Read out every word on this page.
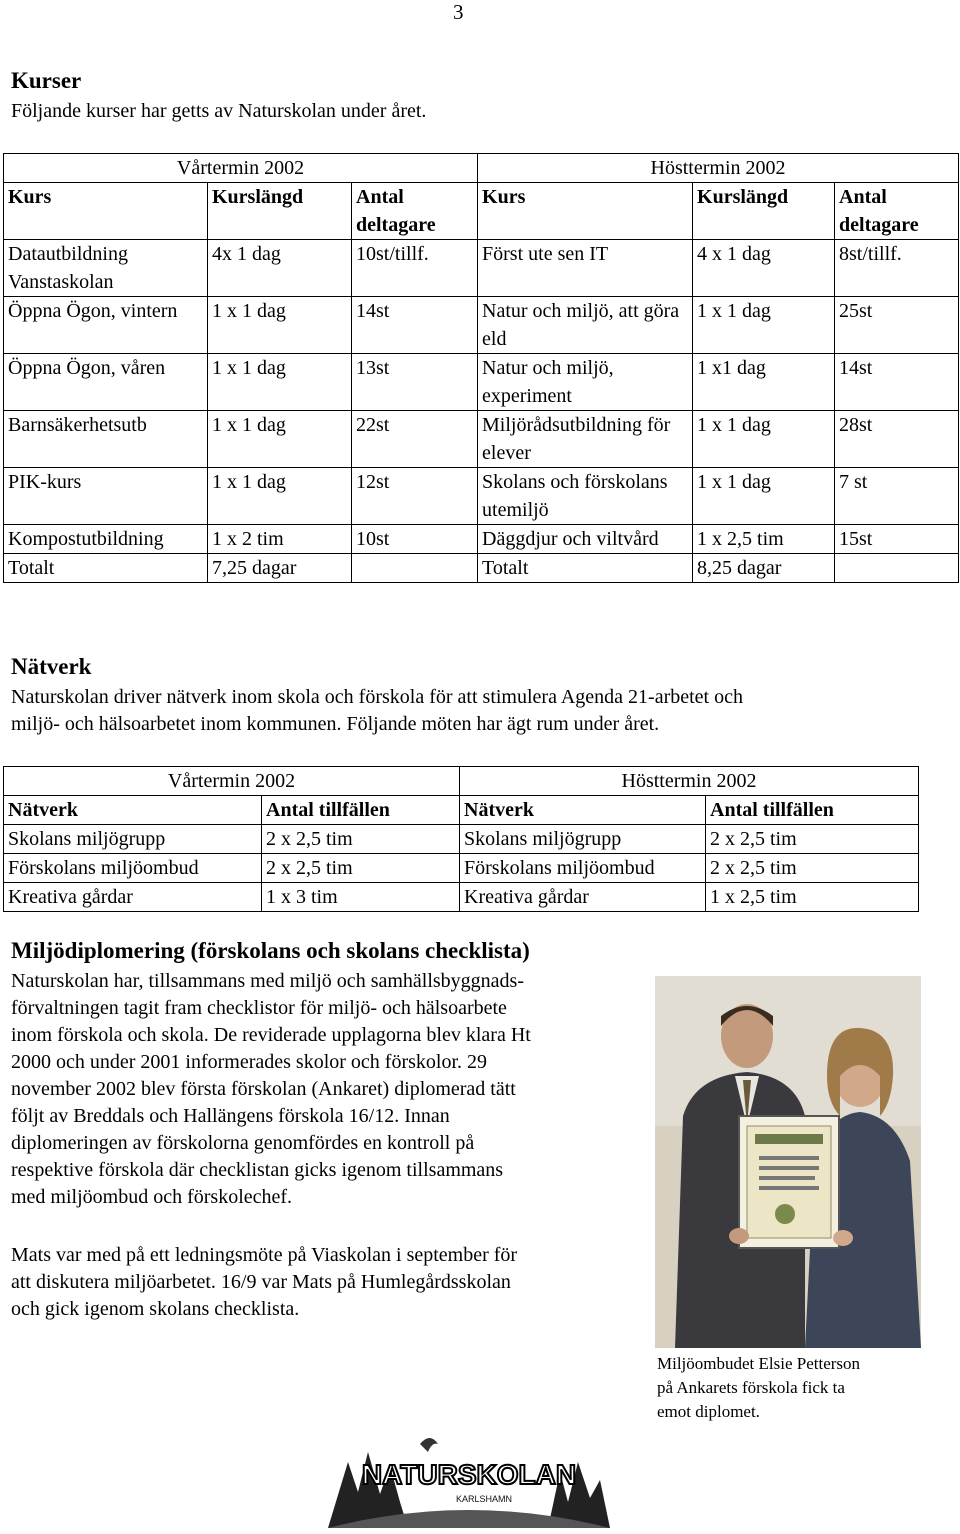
3
Kurser
Följande kurser har getts av Naturskolan under året.
Vårtermin 2002			Hösttermin 2002		
Kurs	Kurslängd	Antal deltagare	Kurs	Kurslängd	Antal deltagare
Datautbildning Vanstaskolan	4x 1 dag	10st/tillf.	Först ute sen IT	4 x 1 dag	8st/tillf.
Öppna Ögon, vintern	1 x 1 dag	14st	Natur och miljö, att göra eld	1 x 1 dag	25st
Öppna Ögon, våren	1 x 1 dag	13st	Natur och miljö, experiment	1 x1 dag	14st
Barnsäkerhetsutb	1 x 1 dag	22st	Miljörådsutbildning för elever	1 x 1 dag	28st
PIK-kurs	1 x 1 dag	12st	Skolans och förskolans utemiljö	1 x 1 dag	7 st
Kompostutbildning	1 x 2 tim	10st	Däggdjur och viltvård	1 x 2,5 tim	15st
Totalt	7,25 dagar		Totalt	8,25 dagar	
Nätverk
Naturskolan driver nätverk inom skola och förskola för att stimulera Agenda 21-arbetet och
miljö- och hälsoarbetet inom kommunen. Följande möten har ägt rum under året.
Vårtermin 2002		Hösttermin 2002	
Nätverk	Antal tillfällen	Nätverk	Antal tillfällen
Skolans miljögrupp	2 x 2,5 tim	Skolans miljögrupp	2 x 2,5 tim
Förskolans miljöombud	2 x 2,5 tim	Förskolans miljöombud	2 x 2,5 tim
Kreativa gårdar	1 x 3 tim	Kreativa gårdar	1 x 2,5 tim
Miljödiplomering (förskolans och skolans checklista)
Naturskolan har, tillsammans med miljö och samhällsbyggnads-
förvaltningen tagit fram checklistor för miljö- och hälsoarbete
inom förskola och skola. De reviderade upplagorna blev klara Ht
2000 och under 2001 informerades skolor och förskolor. 29
november 2002 blev första förskolan (Ankaret) diplomerad tätt
följt av Breddals och Hallängens förskola 16/12. Innan
diplomeringen av förskolorna genomfördes en kontroll på
respektive förskola där checklistan gicks igenom tillsammans
med miljöombud och förskolechef.
Mats var med på ett ledningsmöte på Viaskolan i september för
att diskutera miljöarbetet. 16/9 var Mats på Humlegårdsskolan
och gick igenom skolans checklista.
Miljöombudet Elsie Petterson
på Ankarets förskola fick ta
emot diplomet.
NATURSKOLAN
KARLSHAMN
